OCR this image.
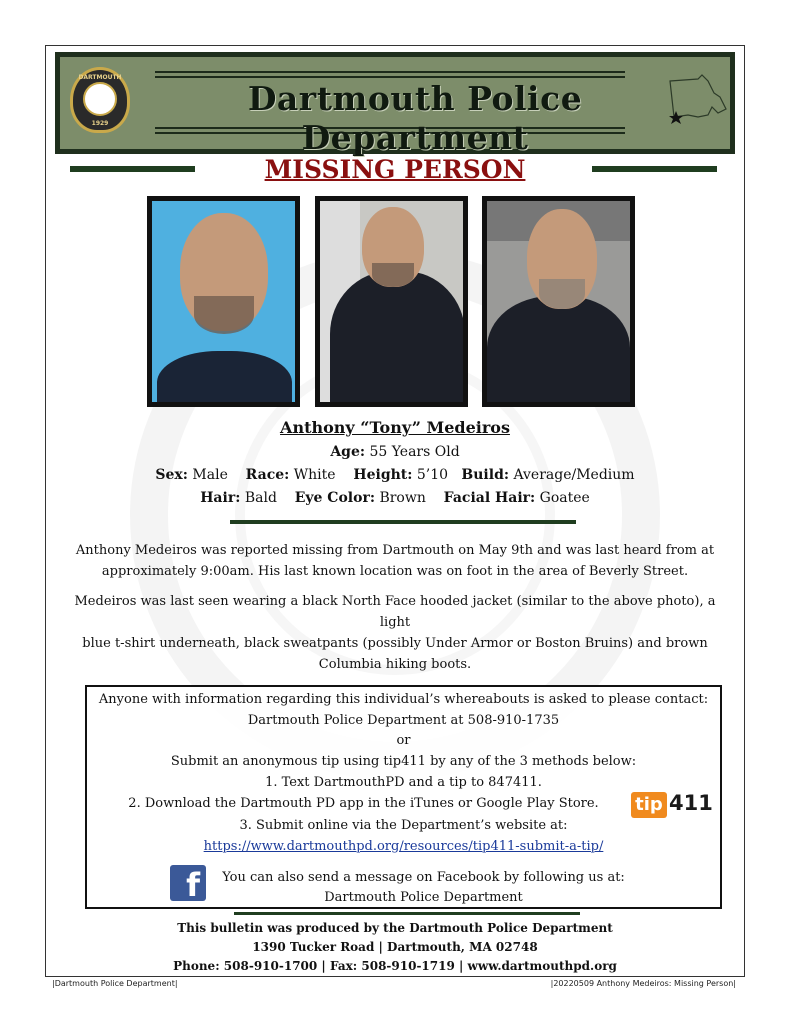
DARTMOUTH
1929
Dartmouth Police Department
MISSING PERSON
Anthony “Tony” Medeiros
Age: 55 Years Old
Sex: Male Race: White Height: 5’10 Build: Average/Medium
Hair: Bald Eye Color: Brown Facial Hair: Goatee
Anthony Medeiros was reported missing from Dartmouth on May 9th and was last heard from at
approximately 9:00am. His last known location was on foot in the area of Beverly Street.
Medeiros was last seen wearing a black North Face hooded jacket (similar to the above photo), a light
blue t-shirt underneath, black sweatpants (possibly Under Armor or Boston Bruins) and brown
Columbia hiking boots.
Anyone with information regarding this individual’s whereabouts is asked to please contact:
Dartmouth Police Department at 508-910-1735
or
Submit an anonymous tip using tip411 by any of the 3 methods below:
1. Text DartmouthPD and a tip to 847411.
2. Download the Dartmouth PD app in the iTunes or Google Play Store.	tip 411
3. Submit online via the Department’s website at:
https://www.dartmouthpd.org/resources/tip411-submit-a-tip/
f	You can also send a message on Facebook by following us at:
Dartmouth Police Department
This bulletin was produced by the Dartmouth Police Department
1390 Tucker Road | Dartmouth, MA 02748
Phone: 508-910-1700 | Fax: 508-910-1719 | www.dartmouthpd.org
|Dartmouth Police Department|	|20220509 Anthony Medeiros: Missing Person|
